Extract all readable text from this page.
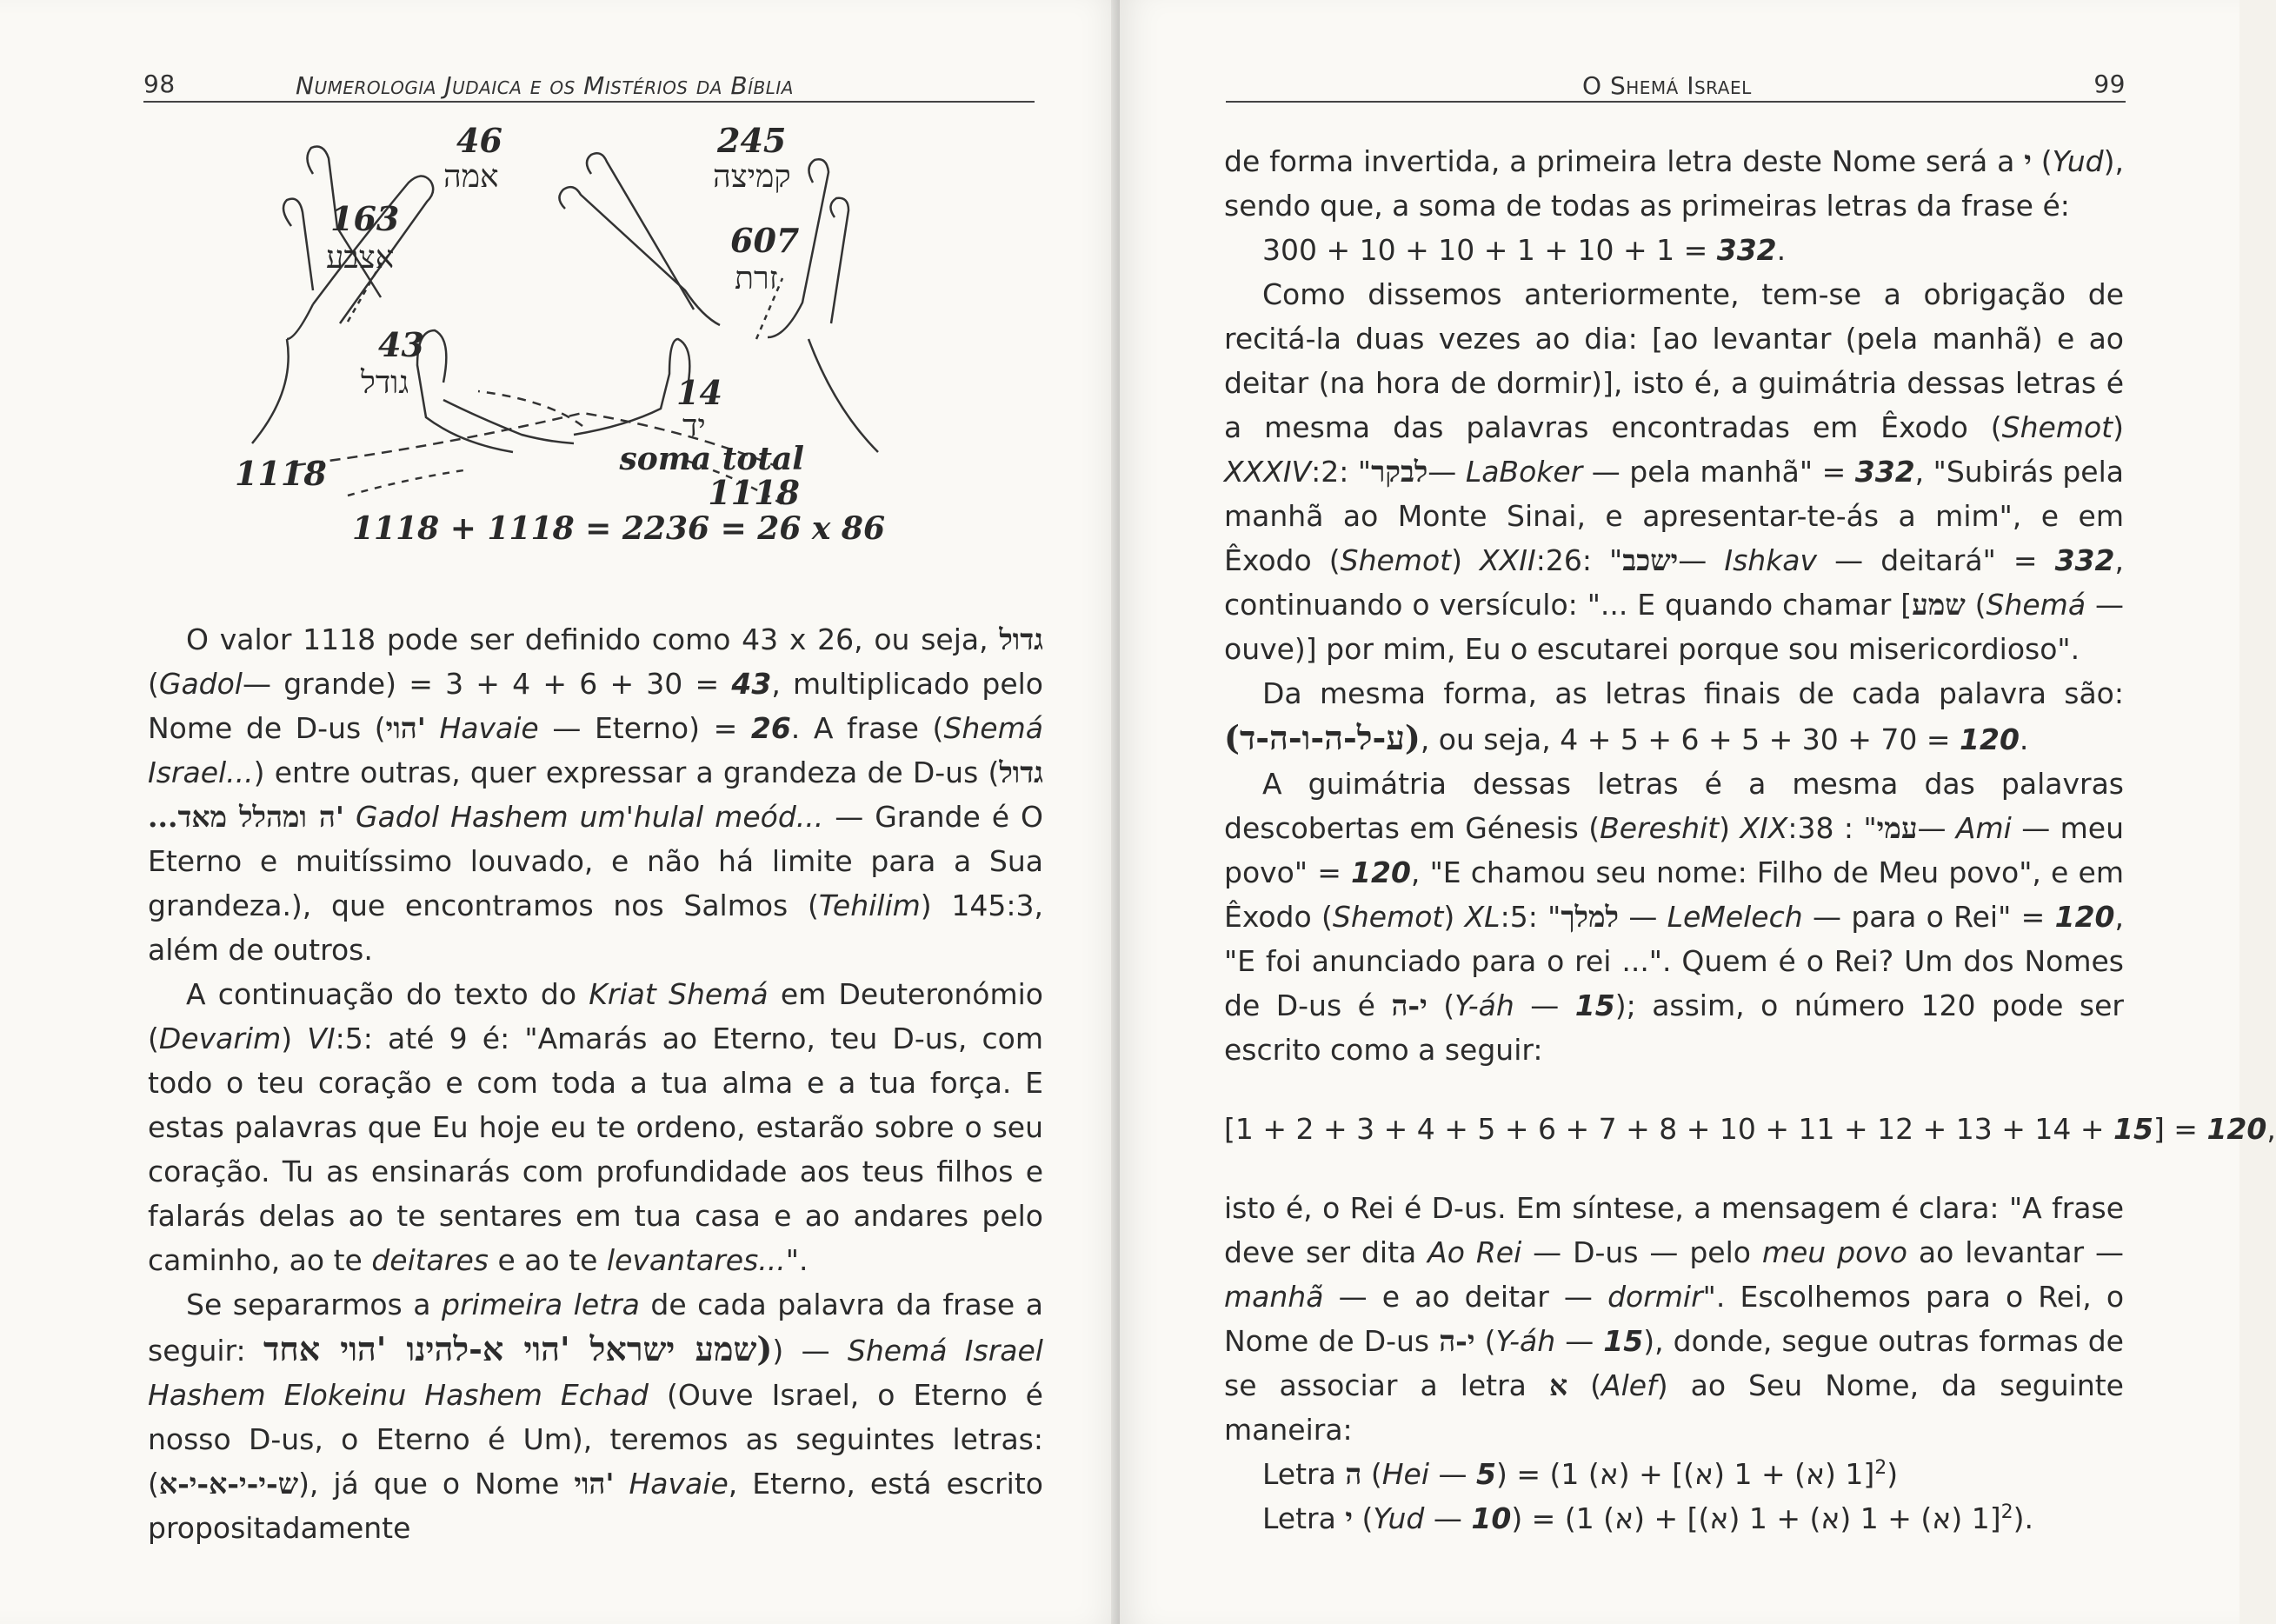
98	Numerologia Judaica e os Mistérios da Bíblia
46
אמה
245
קמיצה
163
אצבע	607
זרת
43
גודל	14
יד
1118	soma total
1118
1118 + 1118 = 2236 = 26 x 86

O valor 1118 pode ser definido como 43 x 26, ou seja, גדול (Gadol— grande) = 3 + 4 + 6 + 30 = 43, multiplicado pelo Nome de D-us ('הוי Havaie — Eterno) = 26. A frase (Shemá Israel...) entre outras, quer expressar a grandeza de D-us (גדול 'ה ומהלל מאד... Gadol Hashem um'hulal meód... — Grande é O Eterno e muitíssimo louvado, e não há limite para a Sua grandeza.), que encontramos nos Salmos (Tehilim) 145:3, além de outros.

A continuação do texto do Kriat Shemá em Deuteronómio (Devarim) VI:5: até 9 é: "Amarás ao Eterno, teu D-us, com todo o teu coração e com toda a tua alma e a tua força. E estas palavras que Eu hoje eu te ordeno, estarão sobre o seu coração. Tu as ensinarás com profundidade aos teus filhos e falarás delas ao te sentares em tua casa e ao andares pelo caminho, ao te deitares e ao te levantares...".

Se separarmos a primeira letra de cada palavra da frase a seguir: (שמע ישראל 'הוי א-להינו 'הוי אחד) — Shemá Israel Hashem Elokeinu Hashem Echad (Ouve Israel, o Eterno é nosso D-us, o Eterno é Um), teremos as seguintes letras: (ש-י-י-א-י-א), já que o Nome 'הוי Havaie, Eterno, está escrito propositadamente

O Shemá Israel	99

de forma invertida, a primeira letra deste Nome será a י (Yud), sendo que, a soma de todas as primeiras letras da frase é:

300 + 10 + 10 + 1 + 10 + 1 = 332.

Como dissemos anteriormente, tem-se a obrigação de recitá-la duas vezes ao dia: [ao levantar (pela manhã) e ao deitar (na hora de dormir)], isto é, a guimátria dessas letras é a mesma das palavras encontradas em Êxodo (Shemot) XXXIV:2: "לבקר— LaBoker — pela manhã" = 332, "Subirás pela manhã ao Monte Sinai, e apresentar-te-ás a mim", e em Êxodo (Shemot) XXII:26: "ישכב— Ishkav — deitará" = 332, continuando o versículo: "... E quando chamar [שמע (Shemá — ouve)] por mim, Eu o escutarei porque sou misericordioso".

Da mesma forma, as letras finais de cada palavra são: (ע-ל-ה-ו-ה-ד), ou seja, 4 + 5 + 6 + 5 + 30 + 70 = 120.

A guimátria dessas letras é a mesma das palavras descobertas em Génesis (Bereshit) XIX:38 : "עמי— Ami — meu povo" = 120, "E chamou seu nome: Filho de Meu povo", e em Êxodo (Shemot) XL:5: "למלך — LeMelech — para o Rei" = 120, "E foi anunciado para o rei ...". Quem é o Rei? Um dos Nomes de D-us é י-ה (Y-áh — 15); assim, o número 120 pode ser escrito como a seguir:

[1 + 2 + 3 + 4 + 5 + 6 + 7 + 8 + 10 + 11 + 12 + 13 + 14 + 15] = 120,

isto é, o Rei é D-us. Em síntese, a mensagem é clara: "A frase deve ser dita Ao Rei — D-us — pelo meu povo ao levantar — manhã — e ao deitar — dormir". Escolhemos para o Rei, o Nome de D-us י-ה (Y-áh — 15), donde, segue outras formas de se associar a letra א (Alef) ao Seu Nome, da seguinte maneira:

Letra ה (Hei — 5) = (1 (א) + [1 (א) + 1 (א)]$^2$)

Letra י (Yud — 10) = (1 (א) + [1 (א) + 1 (א) + 1 (א)]$^2$).
